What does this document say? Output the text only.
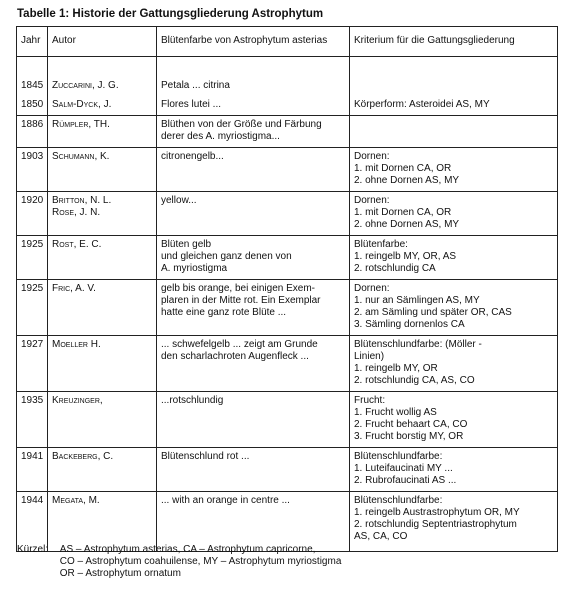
Tabelle 1: Historie der Gattungsgliederung Astrophytum
Jahr	Autor	Blütenfarbe von Astrophytum asterias	Kriterium für die Gattungsgliederung

1845	Zuccarini, J. G.	Petala ... citrina	

1850	Salm-Dyck, J.	Flores lutei ...	Körperform: Asteroidei AS, MY

1886	Rümpler, TH.	Blüthen von der Größe und Färbung
derer des A. myriostigma...	

1903	Schumann, K.	citronengelb...	Dornen:
1. mit Dornen CA, OR
2. ohne Dornen AS, MY

1920	Britton, N. L.
Rose, J. N.	yellow...	Dornen:
1. mit Dornen CA, OR
2. ohne Dornen AS, MY

1925	Rost, E. C.	Blüten gelb
und gleichen ganz denen von
A. myriostigma	Blütenfarbe:
1. reingelb MY, OR, AS
2. rotschlundig CA

1925	Fric, A. V.	gelb bis orange, bei einigen Exem-
plaren in der Mitte rot. Ein Exemplar
hatte eine ganz rote Blüte ...	Dornen:
1. nur an Sämlingen AS, MY
2. am Sämling und später OR, CAS
3. Sämling dornenlos CA

1927	Moeller H.	... schwefelgelb ... zeigt am Grunde
den scharlachroten Augenfleck ...	Blütenschlundfarbe: (Möller -
Linien)
1. reingelb MY, OR
2. rotschlundig CA, AS, CO

1935	Kreuzinger,	...rotschlundig	Frucht:
1. Frucht wollig AS
2. Frucht behaart CA, CO
3. Frucht borstig MY, OR

1941	Backeberg, C.	Blütenschlund rot ...	Blütenschlundfarbe:
1. Luteifaucinati MY ...
2. Rubrofaucinati AS ...

1944	Megata, M.	... with an orange in centre ...	Blütenschlundfarbe:
1. reingelb Austrastrophytum OR, MY
2. rotschlundig Septentriastrophytum
AS, CA, CO
Kürzel: AS – Astrophytum asterias, CA – Astrophytum capricorne,
CO – Astrophytum coahuilense, MY – Astrophytum myriostigma
OR – Astrophytum ornatum
